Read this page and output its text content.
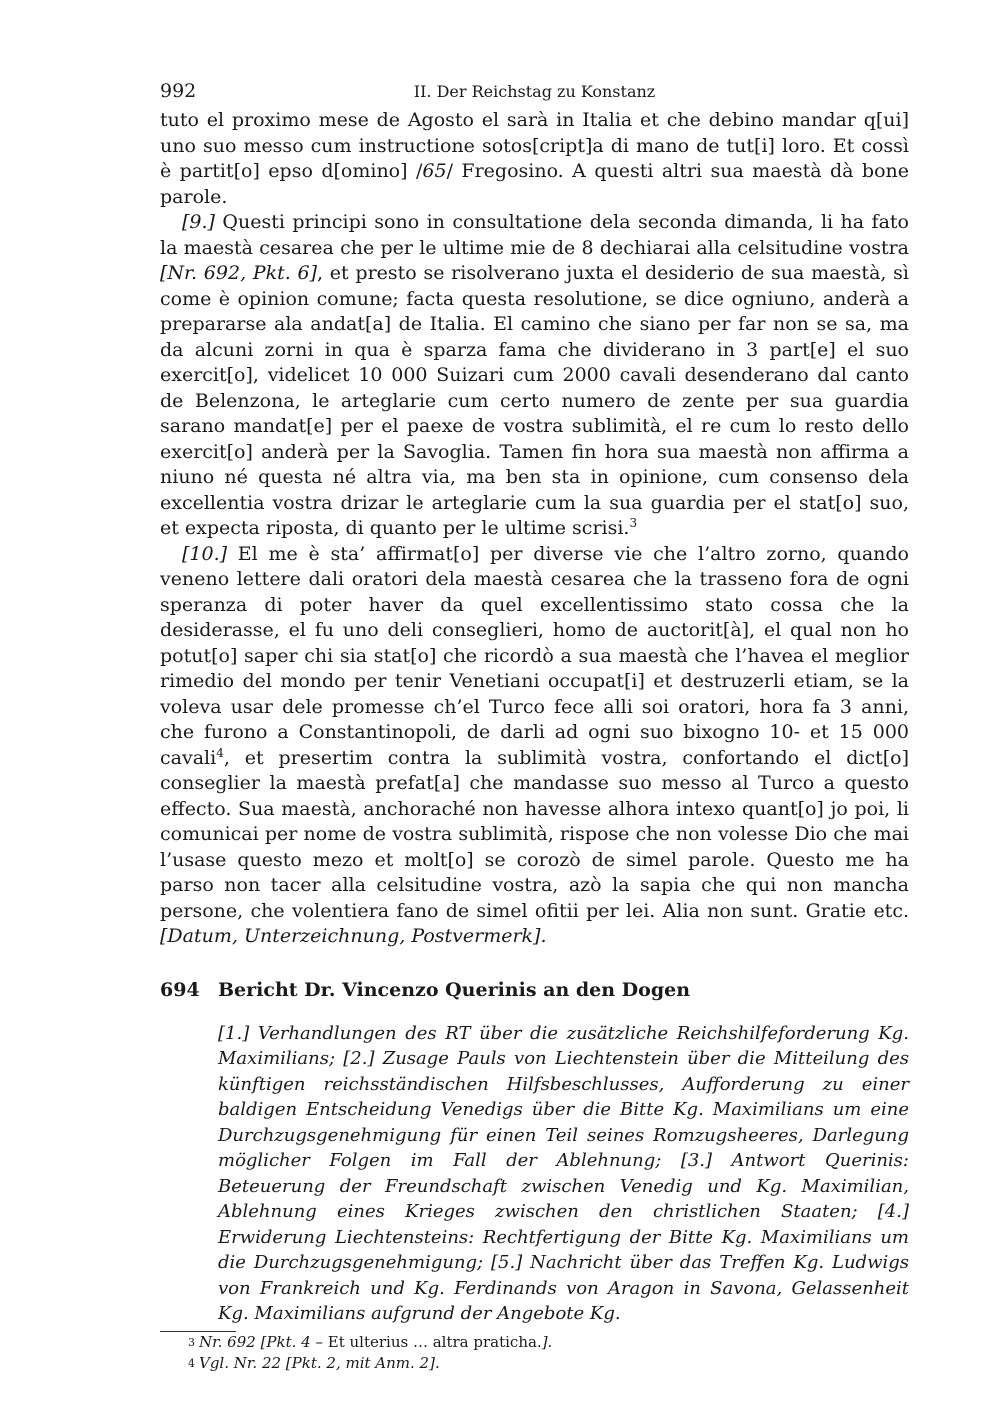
992	II. Der Reichstag zu Konstanz

tuto el proximo mese de Agosto el sarà in Italia et che debino mandar q[ui] uno suo messo cum instructione sotos[cript]a di mano de tut[i] loro. Et cossì è partit[o] epso d[omino] /65/ Fregosino. A questi altri sua maestà dà bone parole.

[9.] Questi principi sono in consultatione dela seconda dimanda, li ha fato la maestà cesarea che per le ultime mie de 8 dechiarai alla celsitudine vostra [Nr. 692, Pkt. 6], et presto se risolverano juxta el desiderio de sua maestà, sì come è opinion comune; facta questa resolutione, se dice ogniuno, anderà a prepararse ala andat[a] de Italia. El camino che siano per far non se sa, ma da alcuni zorni in qua è sparza fama che dividerano in 3 part[e] el suo exercit[o], videlicet 10 000 Suizari cum 2000 cavali desenderano dal canto de Belenzona, le arteglarie cum certo numero de zente per sua guardia sarano mandat[e] per el paexe de vostra sublimità, el re cum lo resto dello exercit[o] anderà per la Savoglia. Tamen fin hora sua maestà non affirma a niuno né questa né altra via, ma ben sta in opinione, cum consenso dela excellentia vostra drizar le arteglarie cum la sua guardia per el stat[o] suo, et expecta riposta, di quanto per le ultime scrisi.$^3$

[10.] El me è sta’ affirmat[o] per diverse vie che l’altro zorno, quando veneno lettere dali oratori dela maestà cesarea che la trasseno fora de ogni speranza di poter haver da quel excellentissimo stato cossa che la desiderasse, el fu uno deli conseglieri, homo de auctorit[à], el qual non ho potut[o] saper chi sia stat[o] che ricordò a sua maestà che l’havea el meglior rimedio del mondo per tenir Venetiani occupat[i] et destruzerli etiam, se la voleva usar dele promesse ch’el Turco fece alli soi oratori, hora fa 3 anni, che furono a Constantinopoli, de darli ad ogni suo bixogno 10- et 15 000 cavali$^4$, et presertim contra la sublimità vostra, confortando el dict[o] conseglier la maestà prefat[a] che mandasse suo messo al Turco a questo effecto. Sua maestà, anchoraché non havesse alhora intexo quant[o] jo poi, li comunicai per nome de vostra sublimità, rispose che non volesse Dio che mai l’usase questo mezo et molt[o] se corozò de simel parole. Questo me ha parso non tacer alla celsitudine vostra, azò la sapia che qui non mancha persone, che volentiera fano de simel ofitii per lei. Alia non sunt. Gratie etc. [Datum, Unterzeichnung, Postvermerk].

694 Bericht Dr. Vincenzo Querinis an den Dogen
[1.] Verhandlungen des RT über die zusätzliche Reichshilfeforderung Kg. Maximilians; [2.] Zusage Pauls von Liechtenstein über die Mitteilung des künftigen reichsständischen Hilfsbeschlusses, Aufforderung zu einer baldigen Entscheidung Venedigs über die Bitte Kg. Maximilians um eine Durchzugsgenehmigung für einen Teil seines Romzugsheeres, Darlegung möglicher Folgen im Fall der Ablehnung; [3.] Antwort Querinis: Beteuerung der Freundschaft zwischen Venedig und Kg. Maximilian, Ablehnung eines Krieges zwischen den christlichen Staaten; [4.] Erwiderung Liechtensteins: Rechtfertigung der Bitte Kg. Maximilians um die Durchzugsgenehmigung; [5.] Nachricht über das Treffen Kg. Ludwigs von Frankreich und Kg. Ferdinands von Aragon in Savona, Gelassenheit Kg. Maximilians aufgrund der Angebote Kg.
3 Nr. 692 [Pkt. 4 – Et ulterius … altra praticha.].
4 Vgl. Nr. 22 [Pkt. 2, mit Anm. 2].
